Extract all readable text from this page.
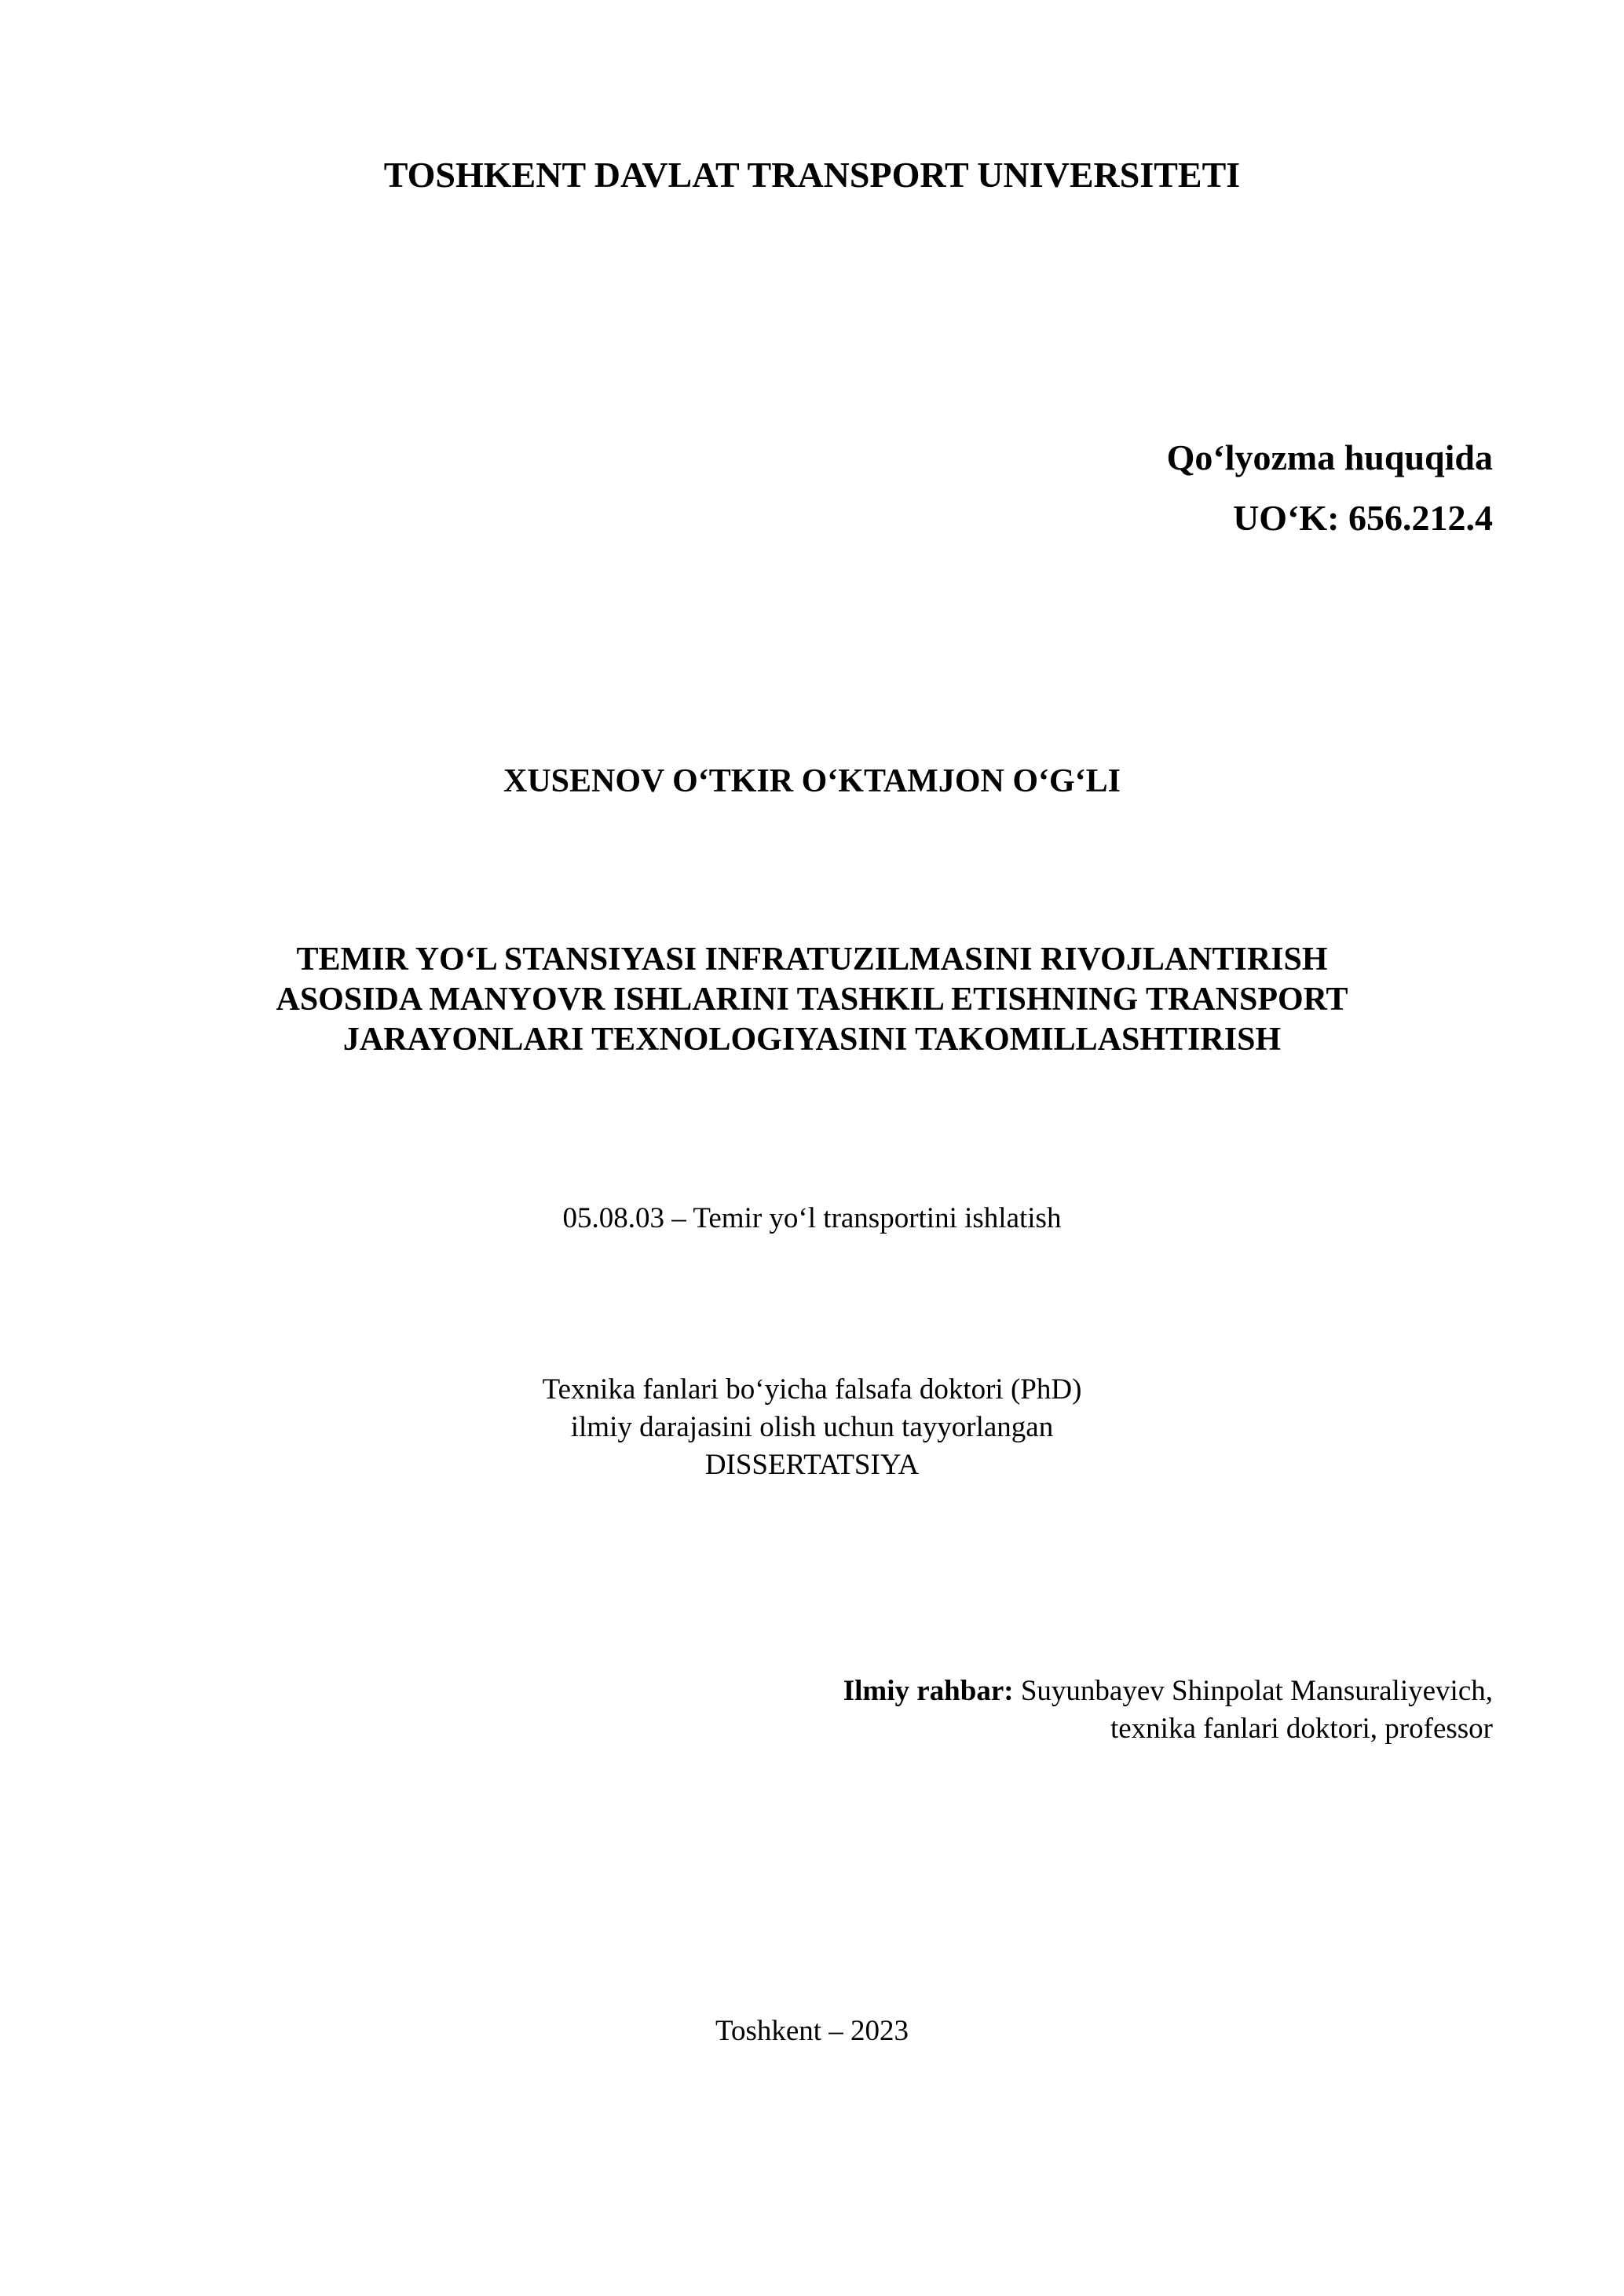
TOSHKENT DAVLAT TRANSPORT UNIVERSITETI
Qo‘lyozma huquqida
UO‘K: 656.212.4
XUSENOV O‘TKIR O‘KTAMJON O‘G‘LI
TEMIR YO‘L STANSIYASI INFRATUZILMASINI RIVOJLANTIRISH
ASOSIDA MANYOVR ISHLARINI TASHKIL ETISHNING TRANSPORT
JARAYONLARI TEXNOLOGIYASINI TAKOMILLASHTIRISH
05.08.03 – Temir yo‘l transportini ishlatish
Texnika fanlari bo‘yicha falsafa doktori (PhD)
ilmiy darajasini olish uchun tayyorlangan
DISSERTATSIYA
Ilmiy rahbar: Suyunbayev Shinpolat Mansuraliyevich,
texnika fanlari doktori, professor
Toshkent – 2023
